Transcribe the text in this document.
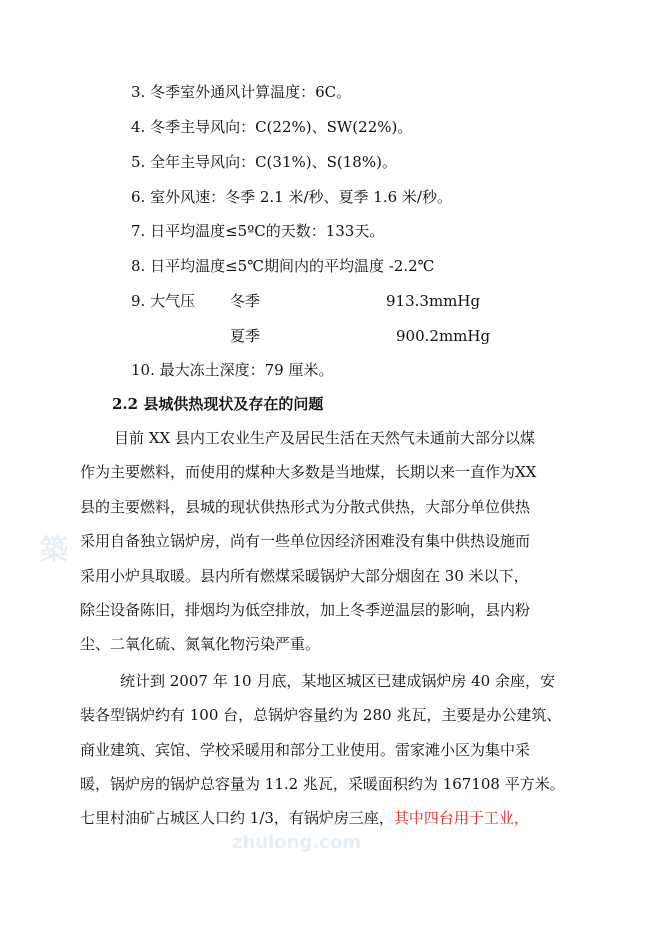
築
zhulong.com
3. 冬季室外通风计算温度：6C。
4. 冬季主导风向：C(22%)、SW(22%)。
5. 全年主导风向：C(31%)、S(18%)。
6. 室外风速：冬季 2.1 米/秒、夏季 1.6 米/秒。
7. 日平均温度≤5ºC的天数：133天。
8. 日平均温度≤5℃期间内的平均温度 -2.2℃
9. 大气压 冬季	913.3mmHg
夏季	900.2mmHg
10. 最大冻土深度：79 厘米。
2.2 县城供热现状及存在的问题
目前 XX 县内工农业生产及居民生活在天然气未通前大部分以煤
作为主要燃料，而使用的煤种大多数是当地煤，长期以来一直作为XX
县的主要燃料，县城的现状供热形式为分散式供热，大部分单位供热
采用自备独立锅炉房，尚有一些单位因经济困难没有集中供热设施而
采用小炉具取暖。县内所有燃煤采暖锅炉大部分烟囱在 30 米以下，
除尘设备陈旧，排烟均为低空排放，加上冬季逆温层的影响，县内粉
尘、二氧化硫、氮氧化物污染严重。
统计到 2007 年 10 月底，某地区城区已建成锅炉房 40 余座，安
装各型锅炉约有 100 台，总锅炉容量约为 280 兆瓦，主要是办公建筑、
商业建筑、宾馆、学校采暖用和部分工业使用。雷家滩小区为集中采
暖，锅炉房的锅炉总容量为 11.2 兆瓦，采暖面积约为 167108 平方米。
七里村油矿占城区人口约 1/3，有锅炉房三座，其中四台用于工业，
